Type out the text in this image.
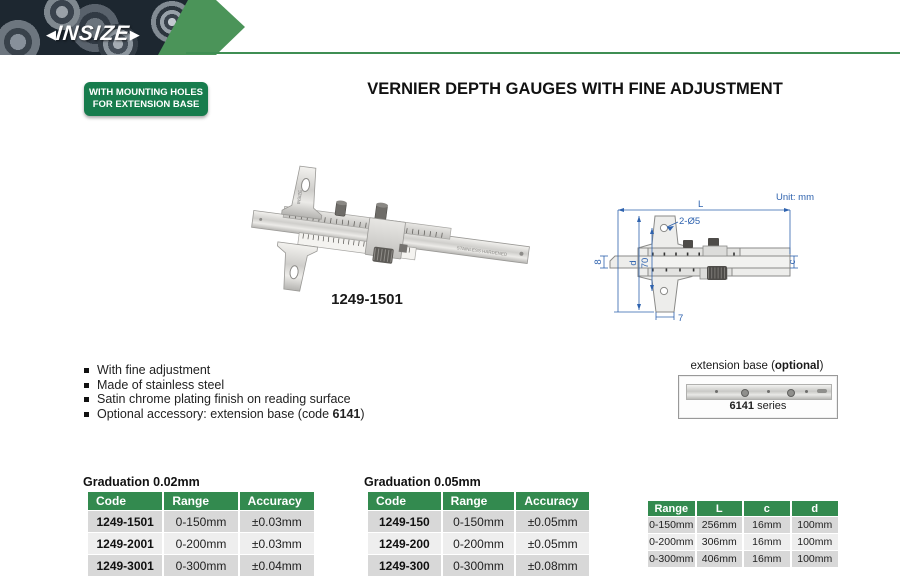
◀
INSIZE
▶
WITH MOUNTING HOLES
FOR EXTENSION BASE
VERNIER DEPTH GAUGES WITH FINE ADJUSTMENT
STAINLESS HARDENED
INSIZE
1249-1501
Unit: mm
L
2-Ø5
d 70
8
7
c
With fine adjustment
Made of stainless steel
Satin chrome plating finish on reading surface
Optional accessory: extension base (code 6141)
extension base (optional)
6141 series
Graduation 0.02mm
Code	Range	Accuracy
1249-1501	0-150mm	±0.03mm
1249-2001	0-200mm	±0.03mm
1249-3001	0-300mm	±0.04mm
Graduation 0.05mm
Code	Range	Accuracy
1249-150	0-150mm	±0.05mm
1249-200	0-200mm	±0.05mm
1249-300	0-300mm	±0.08mm
Range	L	c	d
0-150mm	256mm	16mm	100mm
0-200mm	306mm	16mm	100mm
0-300mm	406mm	16mm	100mm
